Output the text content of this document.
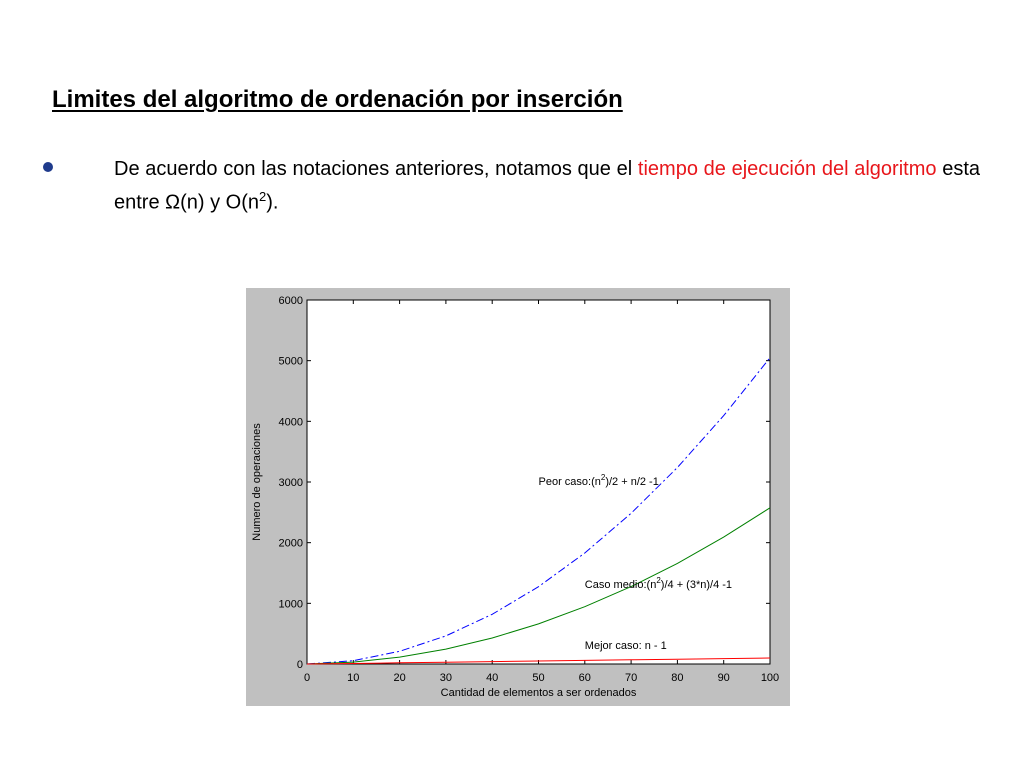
Limites del algoritmo de ordenación por inserción
De acuerdo con las notaciones anteriores, notamos que el tiempo de ejecución del algoritmo esta entre Ω(n) y $O(n^2)$.
0	10	20	30	40	50	60	70	80	90	100
0
1000
2000
3000
4000
5000
6000
Peor $caso:(n^2)/2 + n/2$ -1
Caso $medio:(n^2)/4 + (3*n)/4$ -1
Mejor caso: n - 1
Cantidad de elementos a ser ordenados
Numero de operaciones
